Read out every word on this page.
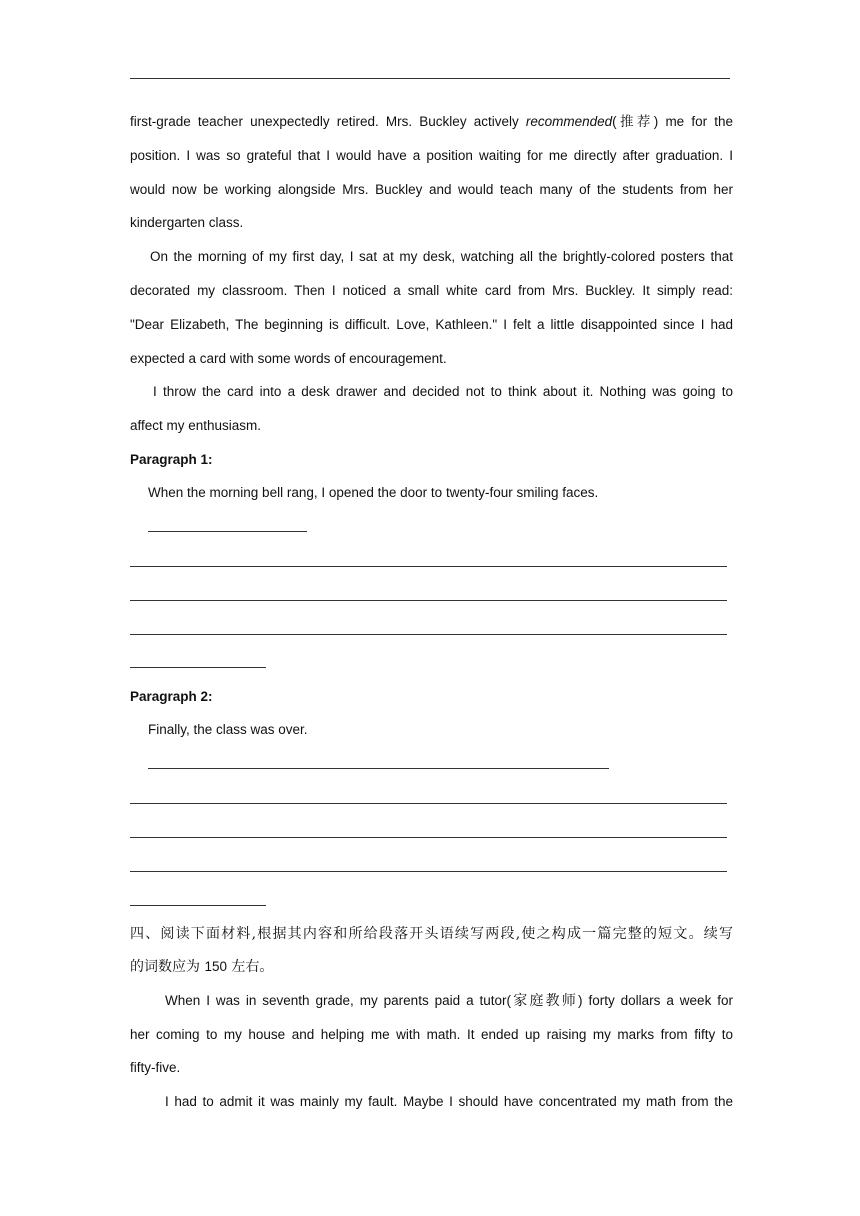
first-grade teacher unexpectedly retired. Mrs. Buckley actively recommended(推荐) me for the
position. I was so grateful that I would have a position waiting for me directly after graduation. I
would now be working alongside Mrs. Buckley and would teach many of the students from her
kindergarten class.
On the morning of my first day, I sat at my desk, watching all the brightly-colored posters that
decorated my classroom. Then I noticed a small white card from Mrs. Buckley. It simply read:
"Dear Elizabeth, The beginning is difficult. Love, Kathleen." I felt a little disappointed since I had
expected a card with some words of encouragement.
I throw the card into a desk drawer and decided not to think about it. Nothing was going to
affect my enthusiasm.
Paragraph 1:
When the morning bell rang, I opened the door to twenty-four smiling faces.
Paragraph 2:
Finally, the class was over.
四、阅读下面材料,根据其内容和所给段落开头语续写两段,使之构成一篇完整的短文。续写
的词数应为 150 左右。
When I was in seventh grade, my parents paid a tutor(家庭教师) forty dollars a week for
her coming to my house and helping me with math. It ended up raising my marks from fifty to
fifty-five.
I had to admit it was mainly my fault. Maybe I should have concentrated my math from the
